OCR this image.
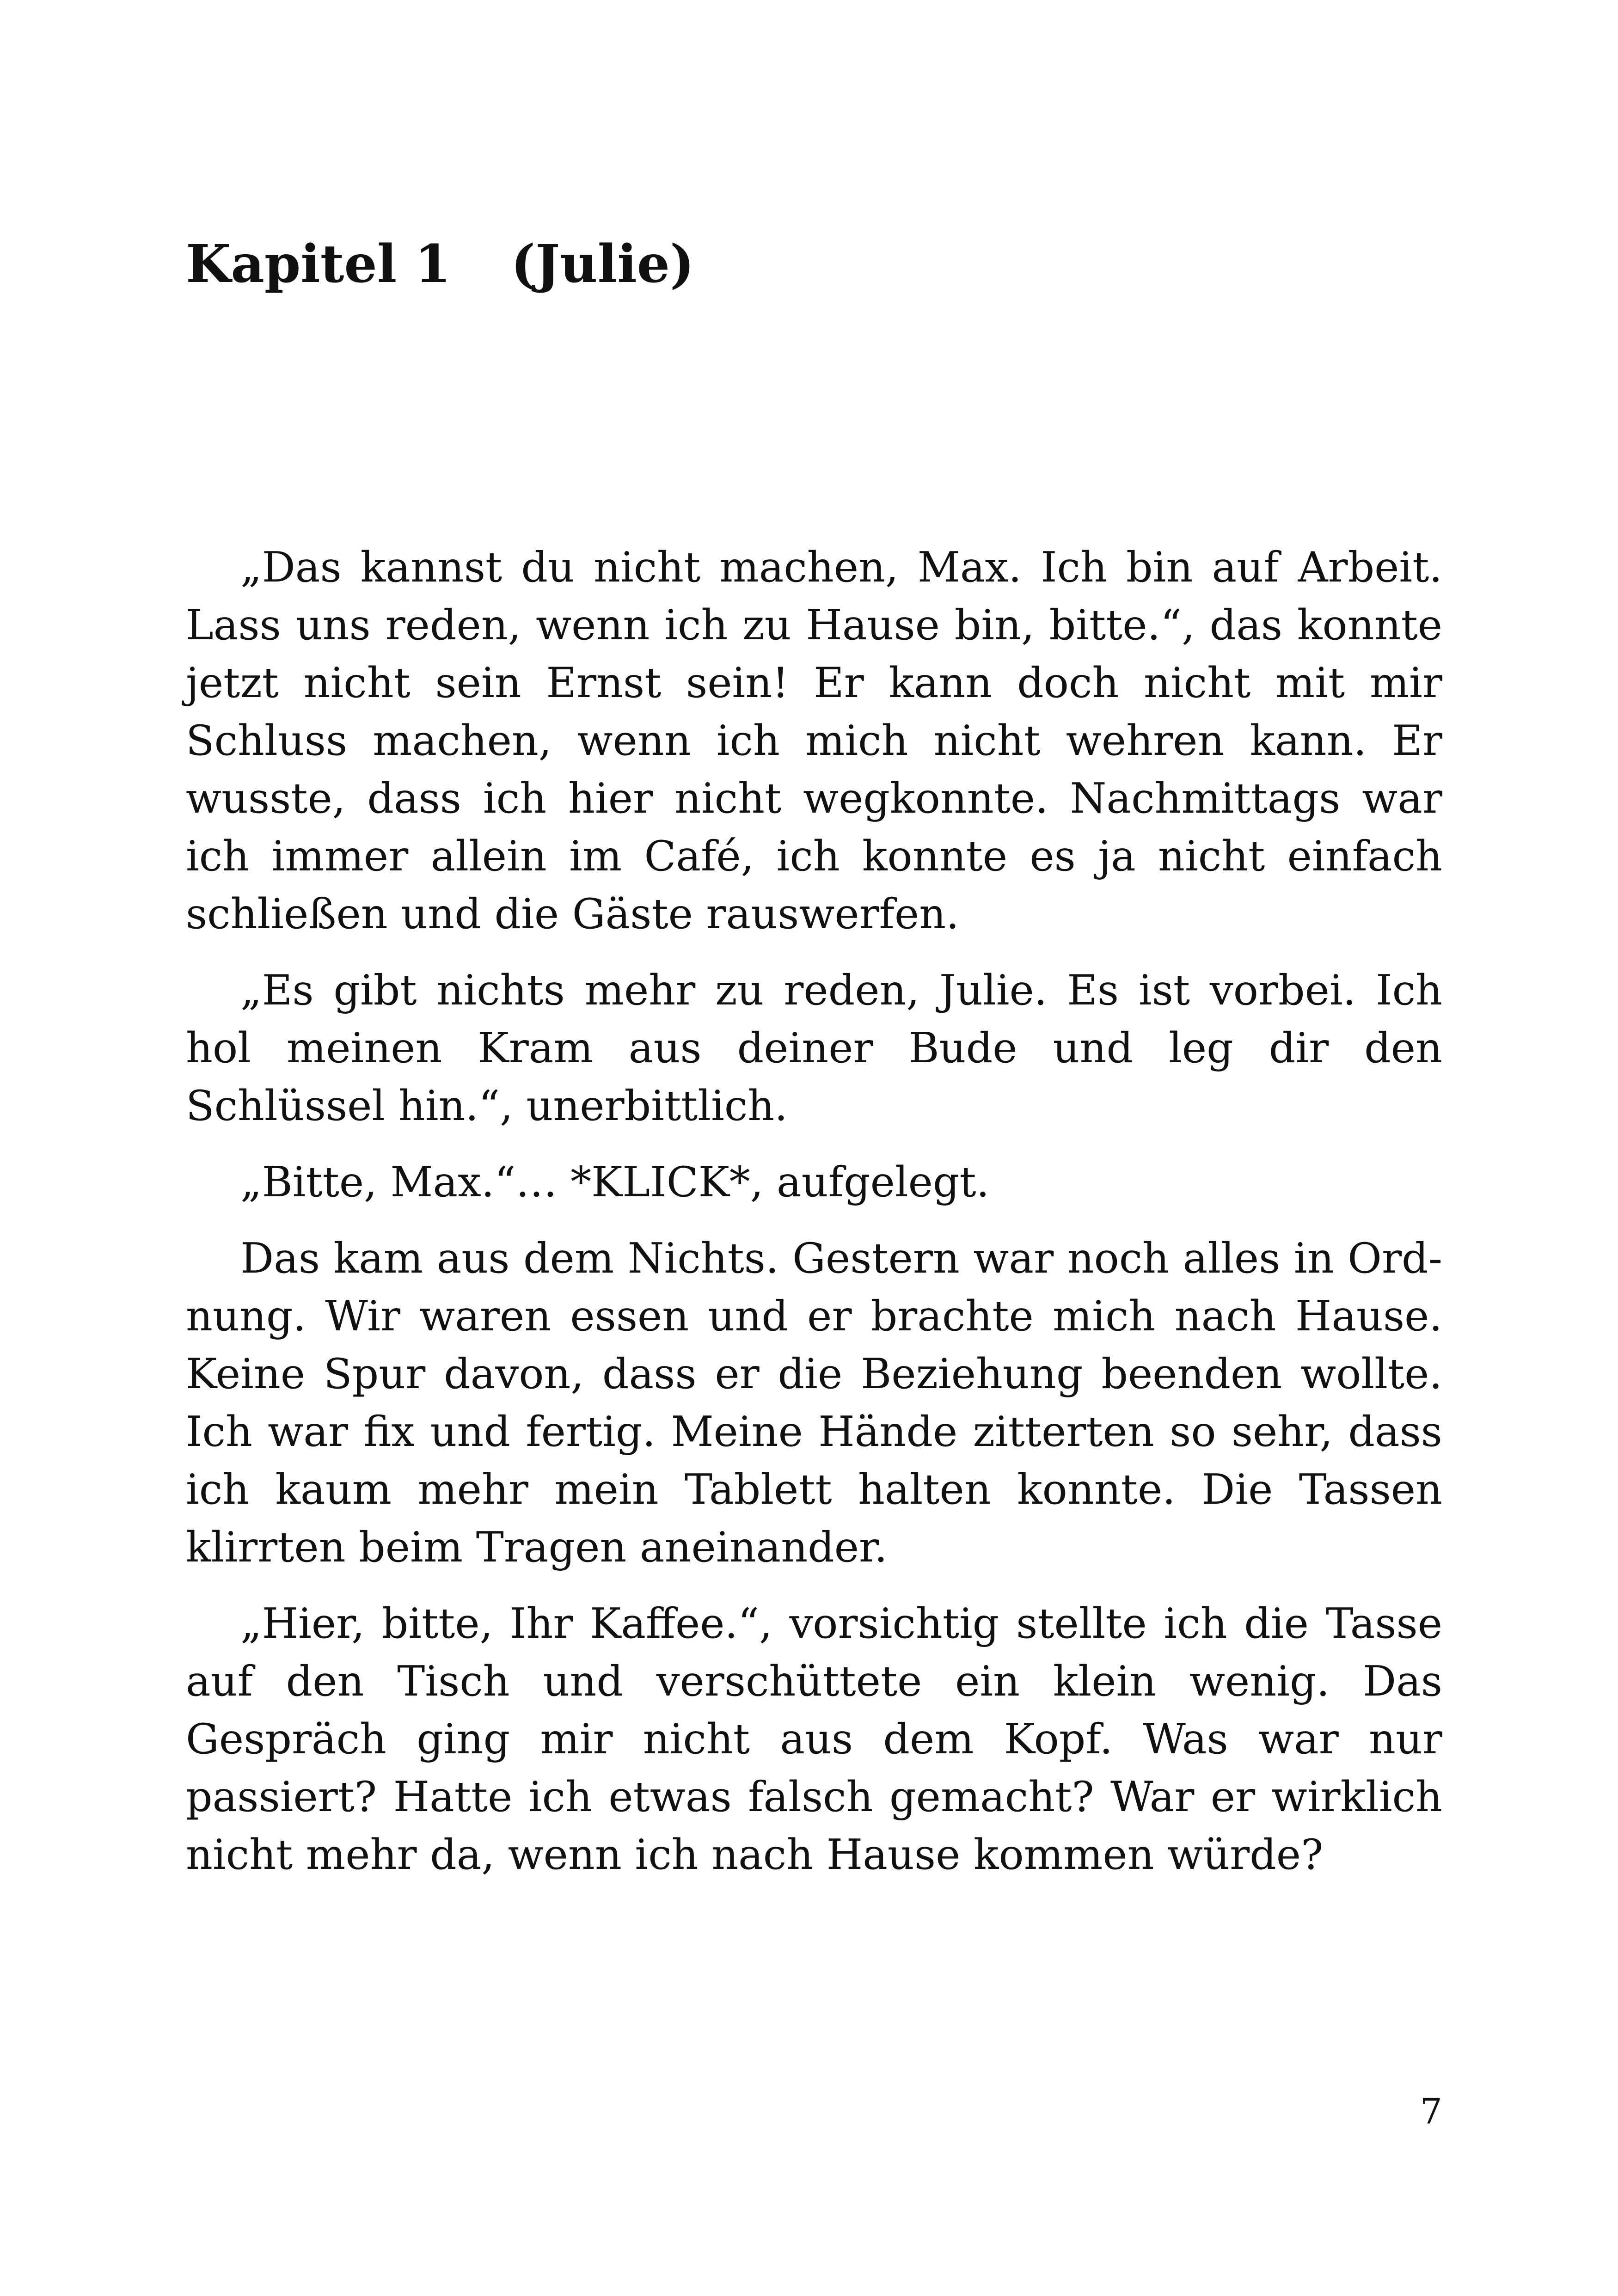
Kapitel 1 (Julie)

„Das kannst du nicht machen, Max. Ich bin auf Arbeit. Lass uns reden, wenn ich zu Hause bin, bitte.“, das konnte jetzt nicht sein Ernst sein! Er kann doch nicht mit mir Schluss machen, wenn ich mich nicht wehren kann. Er wusste, dass ich hier nicht wegkonnte. Nachmittags war ich immer allein im Café, ich konnte es ja nicht einfach schließen und die Gäste rauswerfen.

„Es gibt nichts mehr zu reden, Julie. Es ist vorbei. Ich hol meinen Kram aus deiner Bude und leg dir den Schlüssel hin.“, unerbittlich.

„Bitte, Max.“… *KLICK*, aufgelegt.

Das kam aus dem Nichts. Gestern war noch alles in Ordnung. Wir waren essen und er brachte mich nach Hause. Keine Spur davon, dass er die Beziehung beenden wollte. Ich war fix und fertig. Meine Hände zitterten so sehr, dass ich kaum mehr mein Tablett halten konnte. Die Tassen klirrten beim Tragen aneinander.

„Hier, bitte, Ihr Kaffee.“, vorsichtig stellte ich die Tasse auf den Tisch und verschüttete ein klein wenig. Das Gespräch ging mir nicht aus dem Kopf. Was war nur passiert? Hatte ich etwas falsch gemacht? War er wirklich nicht mehr da, wenn ich nach Hause kommen würde?

7
